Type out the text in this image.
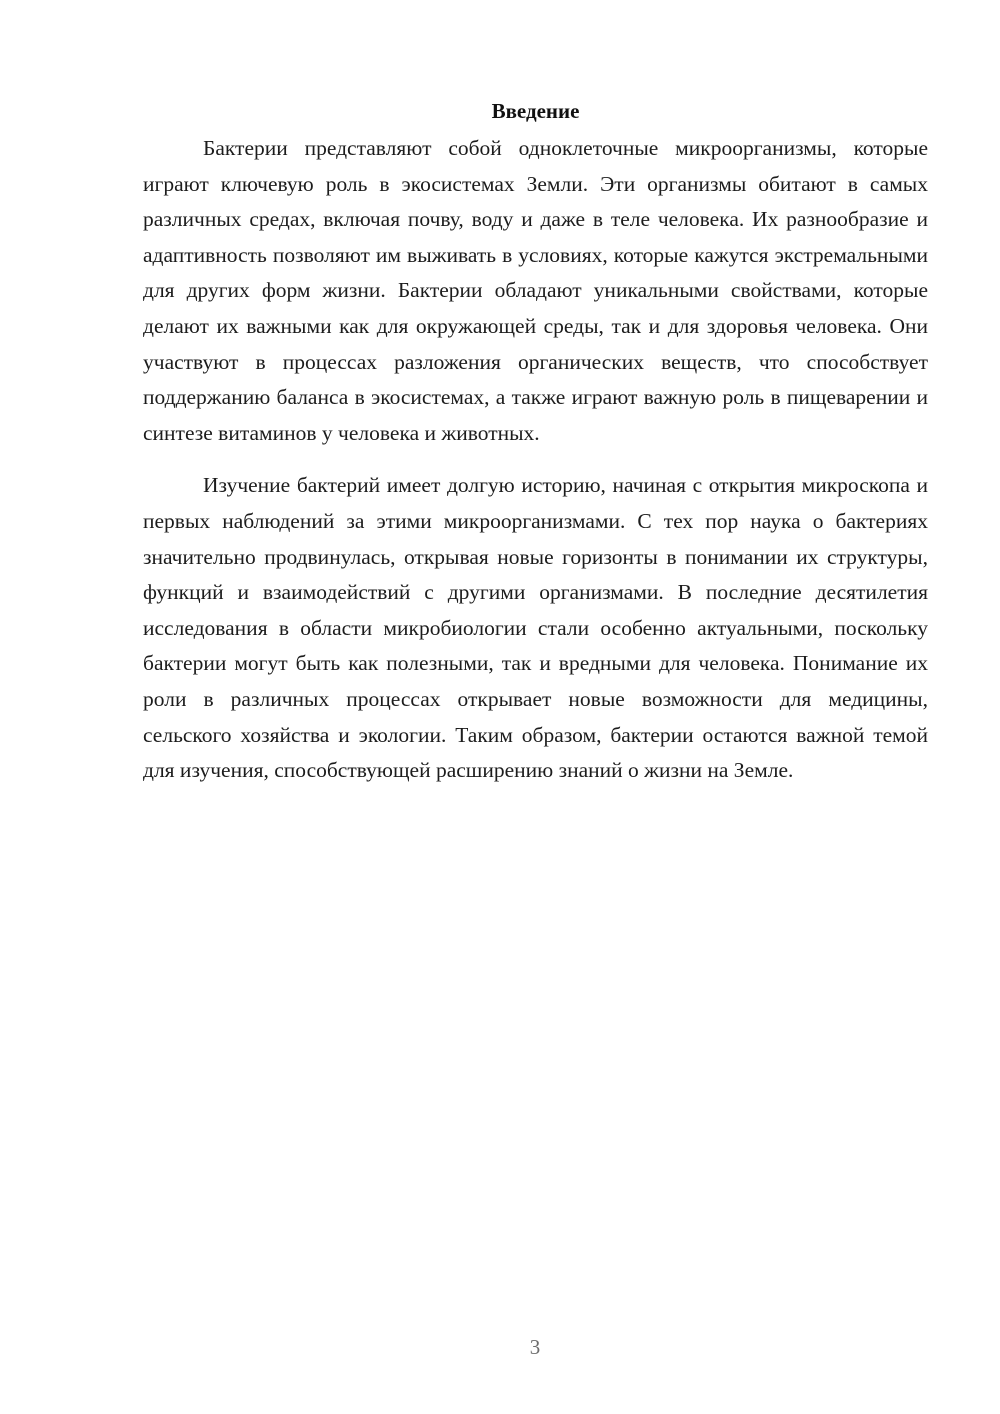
Введение

Бактерии представляют собой одноклеточные микроорганизмы, которые играют ключевую роль в экосистемах Земли. Эти организмы обитают в самых различных средах, включая почву, воду и даже в теле человека. Их разнообразие и адаптивность позволяют им выживать в условиях, которые кажутся экстремальными для других форм жизни. Бактерии обладают уникальными свойствами, которые делают их важными как для окружающей среды, так и для здоровья человека. Они участвуют в процессах разложения органических веществ, что способствует поддержанию баланса в экосистемах, а также играют важную роль в пищеварении и синтезе витаминов у человека и животных.

Изучение бактерий имеет долгую историю, начиная с открытия микроскопа и первых наблюдений за этими микроорганизмами. С тех пор наука о бактериях значительно продвинулась, открывая новые горизонты в понимании их структуры, функций и взаимодействий с другими организмами. В последние десятилетия исследования в области микробиологии стали особенно актуальными, поскольку бактерии могут быть как полезными, так и вредными для человека. Понимание их роли в различных процессах открывает новые возможности для медицины, сельского хозяйства и экологии. Таким образом, бактерии остаются важной темой для изучения, способствующей расширению знаний о жизни на Земле.

3
